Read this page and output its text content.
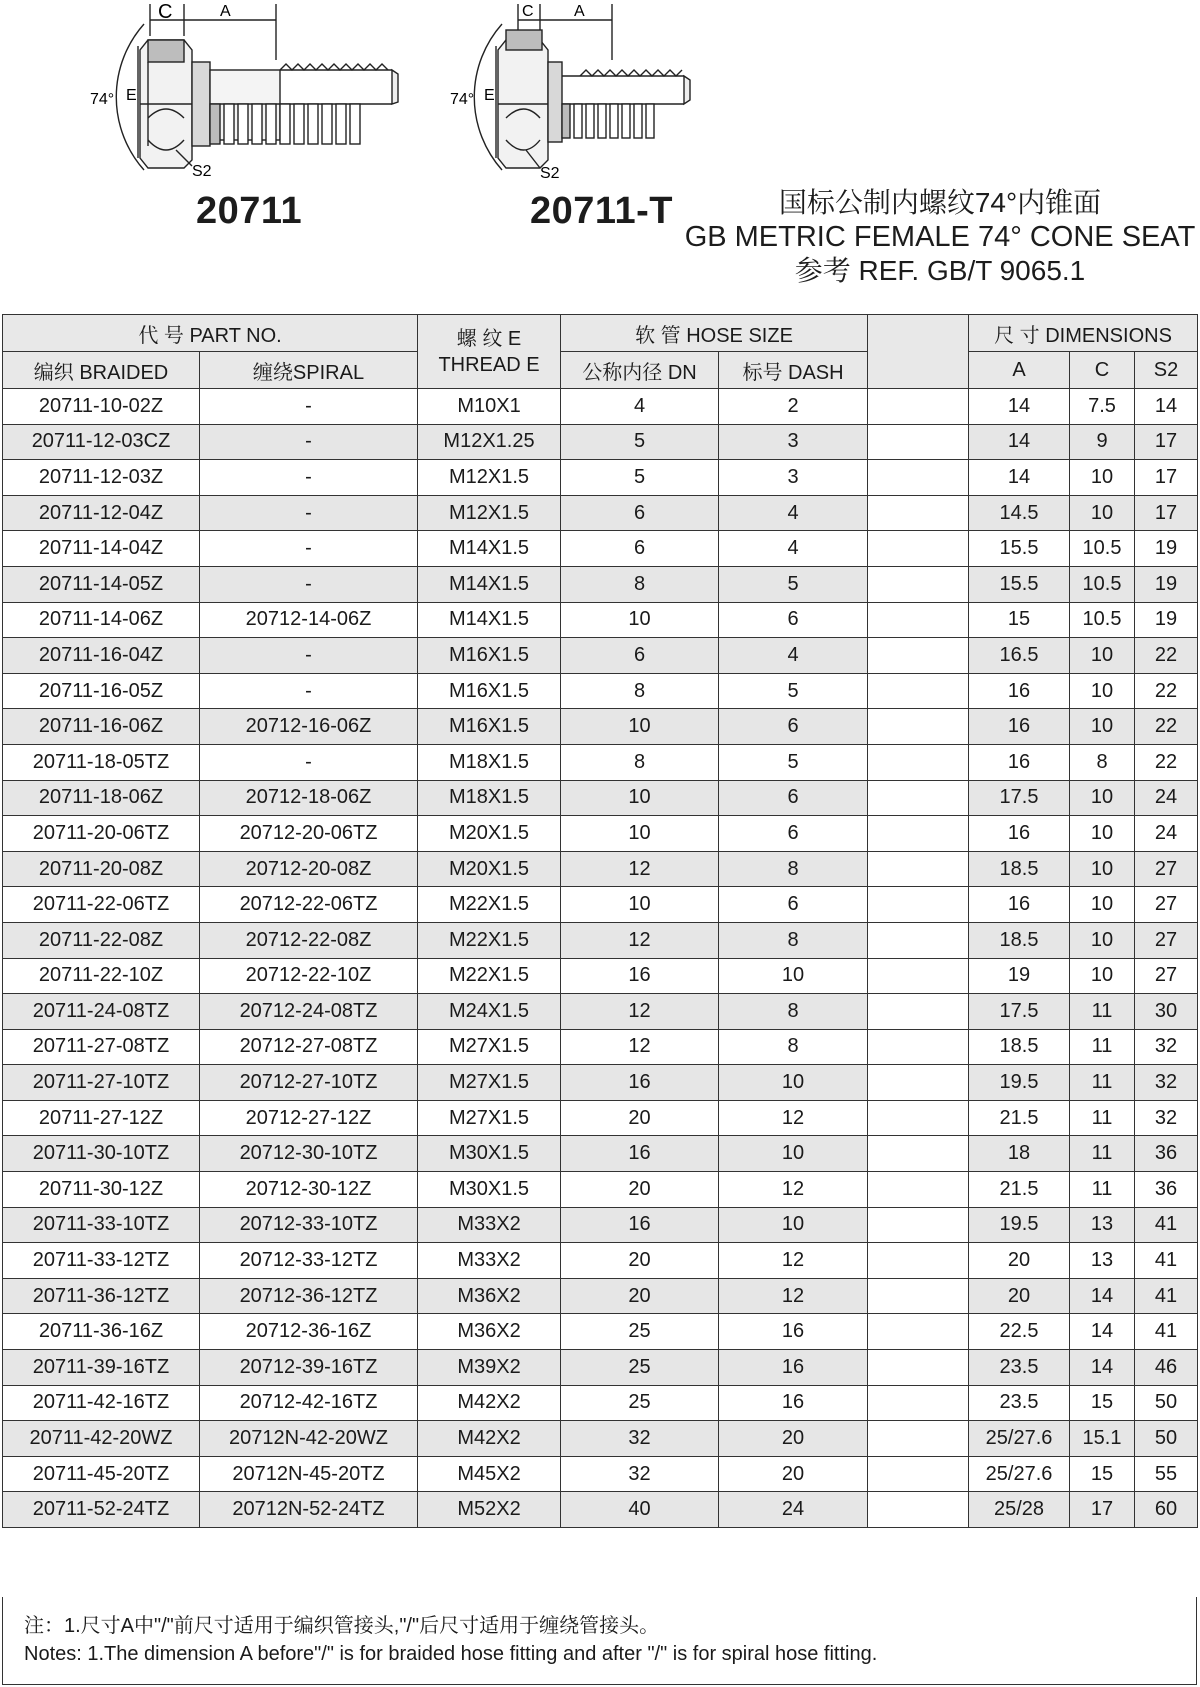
C	A
74° E
S2
C	A
74° E
S2
20711	20711-T	国标公制内螺纹74°内锥面
GB METRIC FEMALE 74° CONE SEAT
参考 REF. GB/T 9065.1
代 号 PART NO.		螺 纹 E
THREAD E	软 管 HOSE SIZE			尺 寸 DIMENSIONS		
编织 BRAIDED	缠绕SPIRAL		公称内径 DN	标号 DASH		A	C	S2
20711-10-02Z	-	M10X1	4	2		14	7.5	14
20711-12-03CZ	-	M12X1.25	5	3		14	9	17
20711-12-03Z	-	M12X1.5	5	3		14	10	17
20711-12-04Z	-	M12X1.5	6	4		14.5	10	17
20711-14-04Z	-	M14X1.5	6	4		15.5	10.5	19
20711-14-05Z	-	M14X1.5	8	5		15.5	10.5	19
20711-14-06Z	20712-14-06Z	M14X1.5	10	6		15	10.5	19
20711-16-04Z	-	M16X1.5	6	4		16.5	10	22
20711-16-05Z	-	M16X1.5	8	5		16	10	22
20711-16-06Z	20712-16-06Z	M16X1.5	10	6		16	10	22
20711-18-05TZ	-	M18X1.5	8	5		16	8	22
20711-18-06Z	20712-18-06Z	M18X1.5	10	6		17.5	10	24
20711-20-06TZ	20712-20-06TZ	M20X1.5	10	6		16	10	24
20711-20-08Z	20712-20-08Z	M20X1.5	12	8		18.5	10	27
20711-22-06TZ	20712-22-06TZ	M22X1.5	10	6		16	10	27
20711-22-08Z	20712-22-08Z	M22X1.5	12	8		18.5	10	27
20711-22-10Z	20712-22-10Z	M22X1.5	16	10		19	10	27
20711-24-08TZ	20712-24-08TZ	M24X1.5	12	8		17.5	11	30
20711-27-08TZ	20712-27-08TZ	M27X1.5	12	8		18.5	11	32
20711-27-10TZ	20712-27-10TZ	M27X1.5	16	10		19.5	11	32
20711-27-12Z	20712-27-12Z	M27X1.5	20	12		21.5	11	32
20711-30-10TZ	20712-30-10TZ	M30X1.5	16	10		18	11	36
20711-30-12Z	20712-30-12Z	M30X1.5	20	12		21.5	11	36
20711-33-10TZ	20712-33-10TZ	M33X2	16	10		19.5	13	41
20711-33-12TZ	20712-33-12TZ	M33X2	20	12		20	13	41
20711-36-12TZ	20712-36-12TZ	M36X2	20	12		20	14	41
20711-36-16Z	20712-36-16Z	M36X2	25	16		22.5	14	41
20711-39-16TZ	20712-39-16TZ	M39X2	25	16		23.5	14	46
20711-42-16TZ	20712-42-16TZ	M42X2	25	16		23.5	15	50
20711-42-20WZ	20712N-42-20WZ	M42X2	32	20		25/27.6	15.1	50
20711-45-20TZ	20712N-45-20TZ	M45X2	32	20		25/27.6	15	55
20711-52-24TZ	20712N-52-24TZ	M52X2	40	24		25/28	17	60
注：1.尺寸A中"/"前尺寸适用于编织管接头,"/"后尺寸适用于缠绕管接头。
Notes: 1.The dimension A before"/" is for braided hose fitting and after "/" is for spiral hose fitting.
